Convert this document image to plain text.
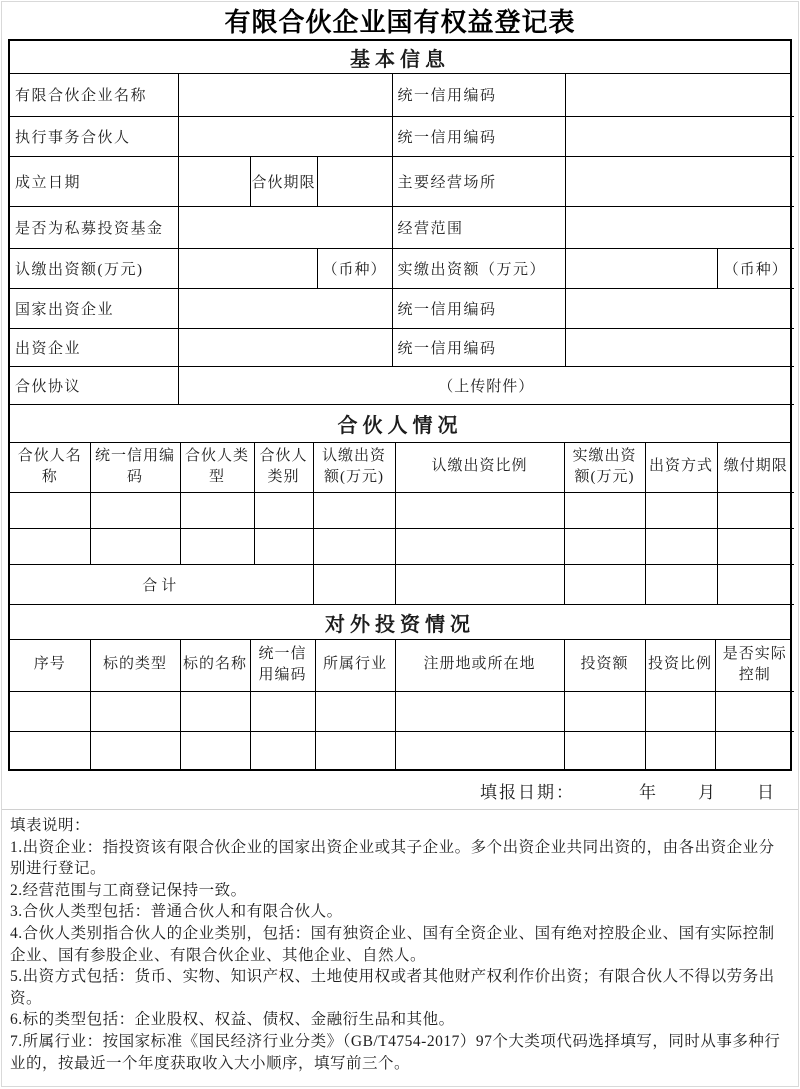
有限合伙企业国有权益登记表
基本信息
有限合伙企业名称				统一信用编码		
执行事务合伙人				统一信用编码		
成立日期		合伙期限		主要经营场所		
是否为私募投资基金				经营范围		
认缴出资额(万元)			（币种）	实缴出资额（万元）		（币种）
国家出资企业				统一信用编码		
出资企业				统一信用编码		
合伙协议	（上传附件）					
合伙人情况
合伙人名称	统一信用编码	合伙人类型	合伙人类别	认缴出资额(万元)	认缴出资比例	实缴出资额(万元)	出资方式	缴付期限

合计								
对外投资情况
序号	标的类型	标的名称	统一信用编码	所属行业	注册地或所在地	投资额	投资比例	是否实际控制

填报日期：	年 月 日

填表说明：

1.出资企业：指投资该有限合伙企业的国家出资企业或其子企业。多个出资企业共同出资的，由各出资企业分别进行登记。

2.经营范围与工商登记保持一致。

3.合伙人类型包括：普通合伙人和有限合伙人。

4.合伙人类别指合伙人的企业类别，包括：国有独资企业、国有全资企业、国有绝对控股企业、国有实际控制企业、国有参股企业、有限合伙企业、其他企业、自然人。

5.出资方式包括：货币、实物、知识产权、土地使用权或者其他财产权利作价出资；有限合伙人不得以劳务出资。

6.标的类型包括：企业股权、权益、债权、金融衍生品和其他。

7.所属行业：按国家标准《国民经济行业分类》（GB/T4754-2017）97个大类项代码选择填写，同时从事多种行业的，按最近一个年度获取收入大小顺序，填写前三个。
